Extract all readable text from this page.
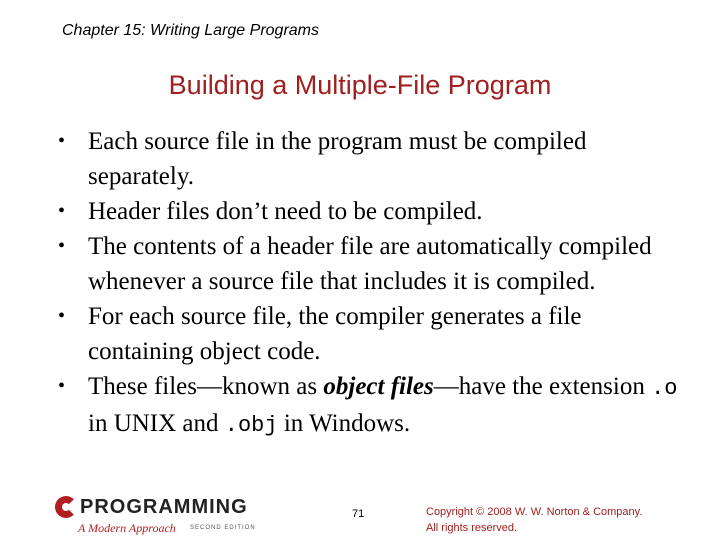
Chapter 15: Writing Large Programs
Building a Multiple-File Program
• Each source file in the program must be compiled separately.
• Header files don’t need to be compiled.
• The contents of a header file are automatically compiled whenever a source file that includes it is compiled.
• For each source file, the compiler generates a file containing object code.
• These files—known as object files—have the extension .o in UNIX and .obj in Windows.
PROGRAMMING
A Modern Approach SECOND EDITION
71	Copyright © 2008 W. W. Norton & Company.
All rights reserved.
